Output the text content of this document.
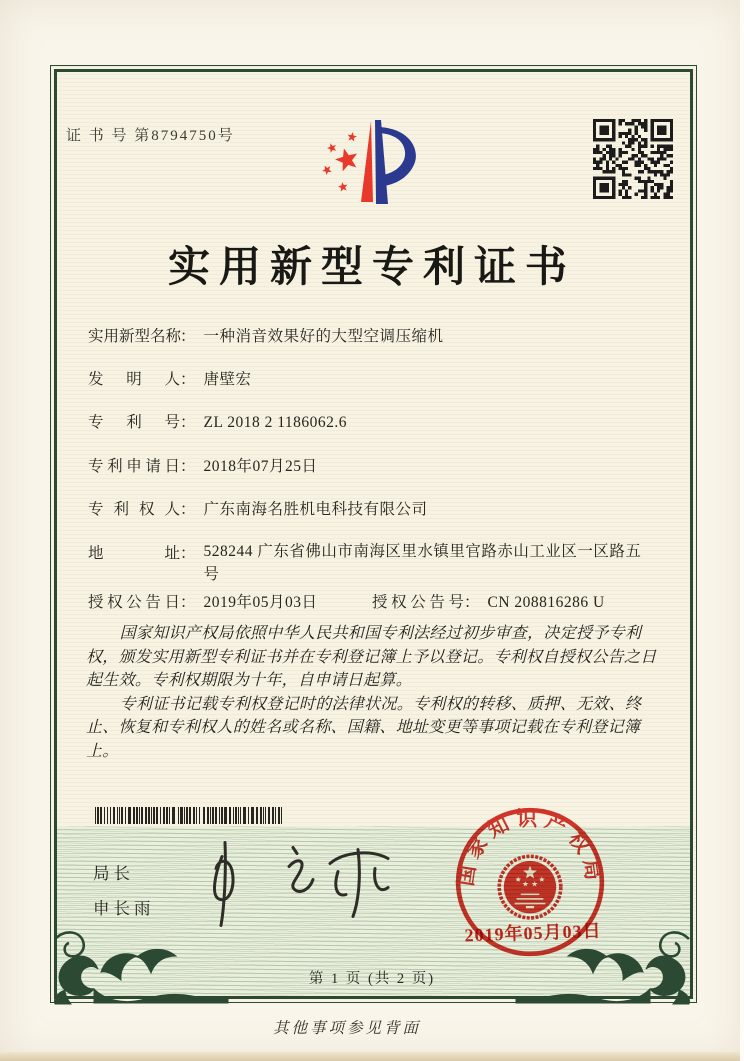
证 书 号 第8794750号
实用新型专利证书
实用新型名称： 一种消音效果好的大型空调压缩机
发明人： 唐壁宏
专利号： ZL 2018 2 1186062.6
专利申请日： 2018年07月25日
专利权人： 广东南海名胜机电科技有限公司
地址： 528244 广东省佛山市南海区里水镇里官路赤山工业区一区路五号
授权公告日： 2019年05月03日	授权公告号： CN 208816286 U

国家知识产权局依照中华人民共和国专利法经过初步审查，决定授予专利权，颁发实用新型专利证书并在专利登记簿上予以登记。专利权自授权公告之日起生效。专利权期限为十年，自申请日起算。

专利证书记载专利权登记时的法律状况。专利权的转移、质押、无效、终止、恢复和专利权人的姓名或名称、国籍、地址变更等事项记载在专利登记簿上。

局长
申长雨
国家知识产权局
2019年05月03日
第 1 页 (共 2 页)
其他事项参见背面
